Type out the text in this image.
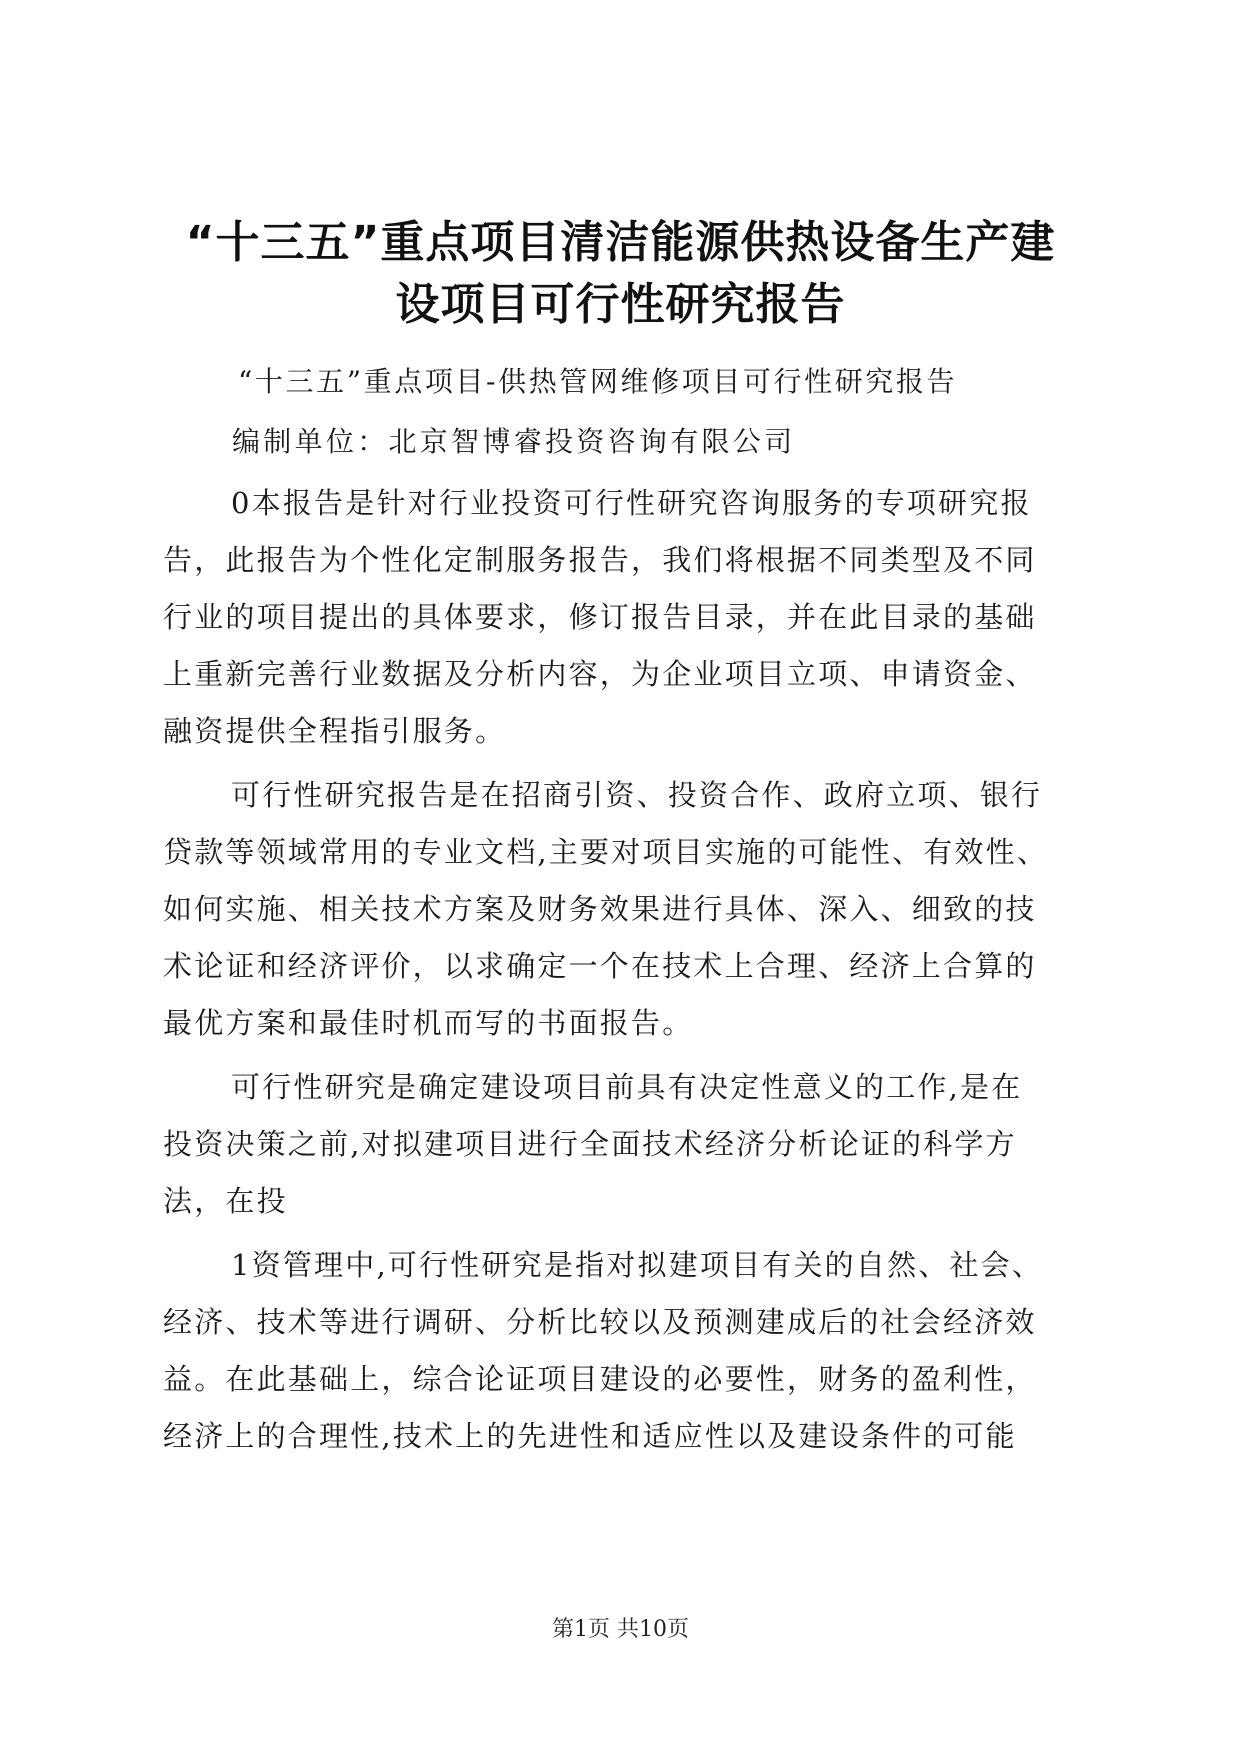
“十三五”重点项目清洁能源供热设备生产建
设项目可行性研究报告
“十三五”重点项目-供热管网维修项目可行性研究报告
编制单位：北京智博睿投资咨询有限公司
0本报告是针对行业投资可行性研究咨询服务的专项研究报
告，此报告为个性化定制服务报告，我们将根据不同类型及不同
行业的项目提出的具体要求，修订报告目录，并在此目录的基础
上重新完善行业数据及分析内容，为企业项目立项、申请资金、
融资提供全程指引服务。
可行性研究报告是在招商引资、投资合作、政府立项、银行
贷款等领域常用的专业文档,主要对项目实施的可能性、有效性、
如何实施、相关技术方案及财务效果进行具体、深入、细致的技
术论证和经济评价，以求确定一个在技术上合理、经济上合算的
最优方案和最佳时机而写的书面报告。
可行性研究是确定建设项目前具有决定性意义的工作,是在
投资决策之前,对拟建项目进行全面技术经济分析论证的科学方
法，在投
1资管理中,可行性研究是指对拟建项目有关的自然、社会、
经济、技术等进行调研、分析比较以及预测建成后的社会经济效
益。在此基础上，综合论证项目建设的必要性，财务的盈利性，
经济上的合理性,技术上的先进性和适应性以及建设条件的可能
第1页 共10页
